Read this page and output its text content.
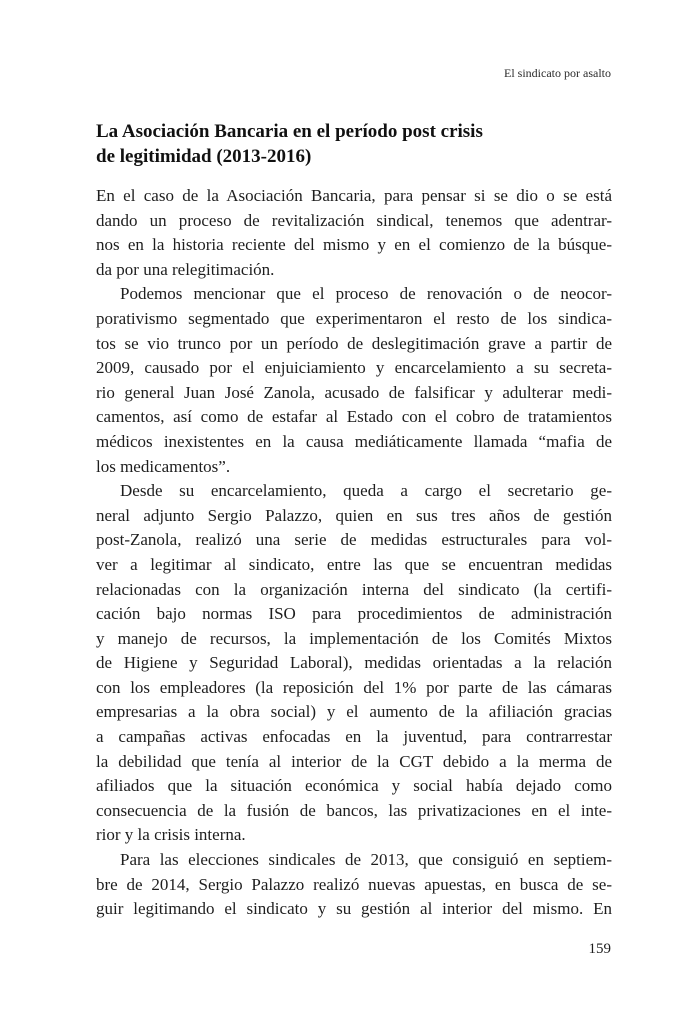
El sindicato por asalto
La Asociación Bancaria en el período post crisis
de legitimidad (2013-2016)

En el caso de la Asociación Bancaria, para pensar si se dio o se está
dando un proceso de revitalización sindical, tenemos que adentrar-
nos en la historia reciente del mismo y en el comienzo de la búsque-
da por una relegitimación.

Podemos mencionar que el proceso de renovación o de neocor-
porativismo segmentado que experimentaron el resto de los sindica-
tos se vio trunco por un período de deslegitimación grave a partir de
2009, causado por el enjuiciamiento y encarcelamiento a su secreta-
rio general Juan José Zanola, acusado de falsificar y adulterar medi-
camentos, así como de estafar al Estado con el cobro de tratamientos
médicos inexistentes en la causa mediáticamente llamada “mafia de
los medicamentos”.

Desde su encarcelamiento, queda a cargo el secretario ge-
neral adjunto Sergio Palazzo, quien en sus tres años de gestión
post-Zanola, realizó una serie de medidas estructurales para vol-
ver a legitimar al sindicato, entre las que se encuentran medidas
relacionadas con la organización interna del sindicato (la certifi-
cación bajo normas ISO para procedimientos de administración
y manejo de recursos, la implementación de los Comités Mixtos
de Higiene y Seguridad Laboral), medidas orientadas a la relación
con los empleadores (la reposición del 1% por parte de las cámaras
empresarias a la obra social) y el aumento de la afiliación gracias
a campañas activas enfocadas en la juventud, para contrarrestar
la debilidad que tenía al interior de la CGT debido a la merma de
afiliados que la situación económica y social había dejado como
consecuencia de la fusión de bancos, las privatizaciones en el inte-
rior y la crisis interna.

Para las elecciones sindicales de 2013, que consiguió en septiem-
bre de 2014, Sergio Palazzo realizó nuevas apuestas, en busca de se-
guir legitimando el sindicato y su gestión al interior del mismo. En

159
